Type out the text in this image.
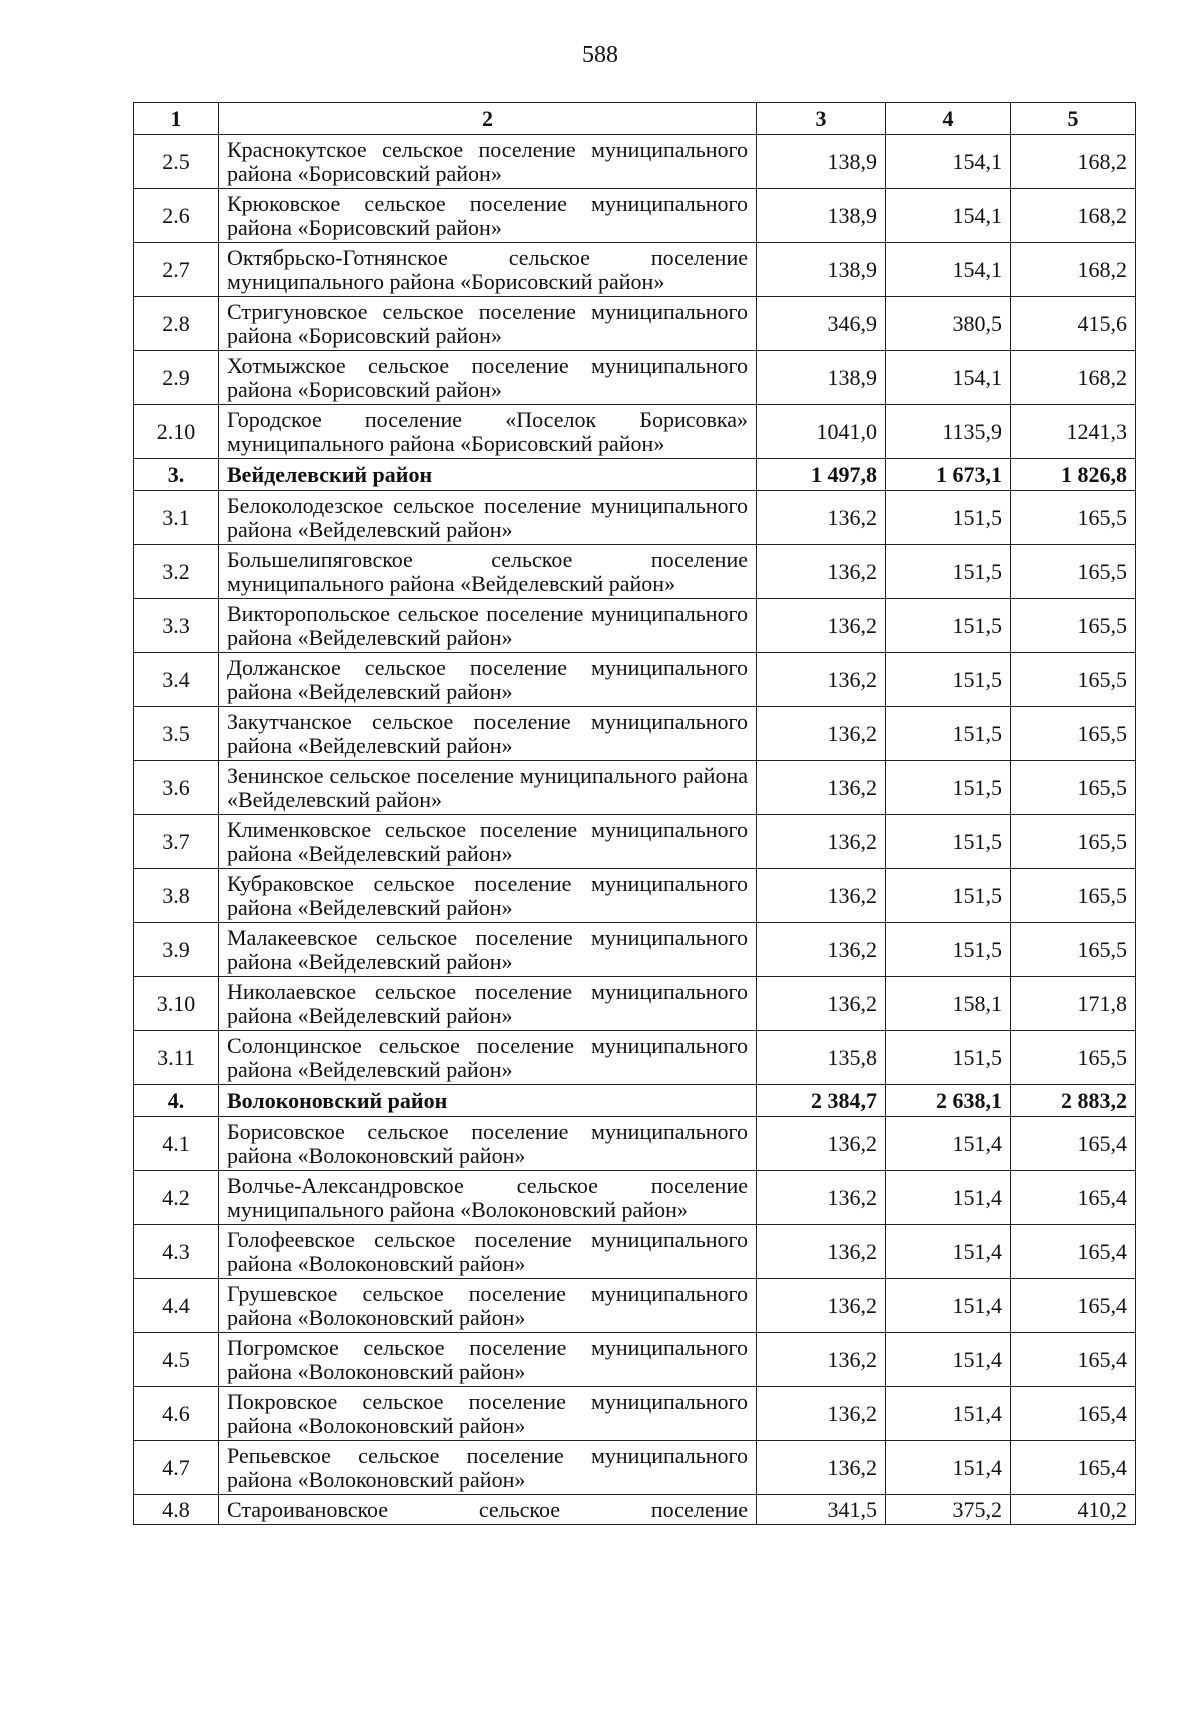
588
1	2	3	4	5
2.5	Краснокутское сельское поселение муниципального района «Борисовский район»	138,9	154,1	168,2
2.6	Крюковское сельское поселение муниципального района «Борисовский район»	138,9	154,1	168,2
2.7	Октябрьско-Готнянское сельское поселение муниципального района «Борисовский район»	138,9	154,1	168,2
2.8	Стригуновское сельское поселение муниципального района «Борисовский район»	346,9	380,5	415,6
2.9	Хотмыжское сельское поселение муниципального района «Борисовский район»	138,9	154,1	168,2
2.10	Городское поселение «Поселок Борисовка» муниципального района «Борисовский район»	1041,0	1135,9	1241,3
3.	Вейделевский район	1 497,8	1 673,1	1 826,8
3.1	Белоколодезское сельское поселение муниципального района «Вейделевский район»	136,2	151,5	165,5
3.2	Большелипяговское сельское поселение муниципального района «Вейделевский район»	136,2	151,5	165,5
3.3	Викторопольское сельское поселение муниципального района «Вейделевский район»	136,2	151,5	165,5
3.4	Должанское сельское поселение муниципального района «Вейделевский район»	136,2	151,5	165,5
3.5	Закутчанское сельское поселение муниципального района «Вейделевский район»	136,2	151,5	165,5
3.6	Зенинское сельское поселение муниципального района «Вейделевский район»	136,2	151,5	165,5
3.7	Клименковское сельское поселение муниципального района «Вейделевский район»	136,2	151,5	165,5
3.8	Кубраковское сельское поселение муниципального района «Вейделевский район»	136,2	151,5	165,5
3.9	Малакеевское сельское поселение муниципального района «Вейделевский район»	136,2	151,5	165,5
3.10	Николаевское сельское поселение муниципального района «Вейделевский район»	136,2	158,1	171,8
3.11	Солонцинское сельское поселение муниципального района «Вейделевский район»	135,8	151,5	165,5
4.	Волоконовский район	2 384,7	2 638,1	2 883,2
4.1	Борисовское сельское поселение муниципального района «Волоконовский район»	136,2	151,4	165,4
4.2	Волчье-Александровское сельское поселение муниципального района «Волоконовский район»	136,2	151,4	165,4
4.3	Голофеевское сельское поселение муниципального района «Волоконовский район»	136,2	151,4	165,4
4.4	Грушевское сельское поселение муниципального района «Волоконовский район»	136,2	151,4	165,4
4.5	Погромское сельское поселение муниципального района «Волоконовский район»	136,2	151,4	165,4
4.6	Покровское сельское поселение муниципального района «Волоконовский район»	136,2	151,4	165,4
4.7	Репьевское сельское поселение муниципального района «Волоконовский район»	136,2	151,4	165,4
4.8	Староивановское сельское поселение	341,5	375,2	410,2
